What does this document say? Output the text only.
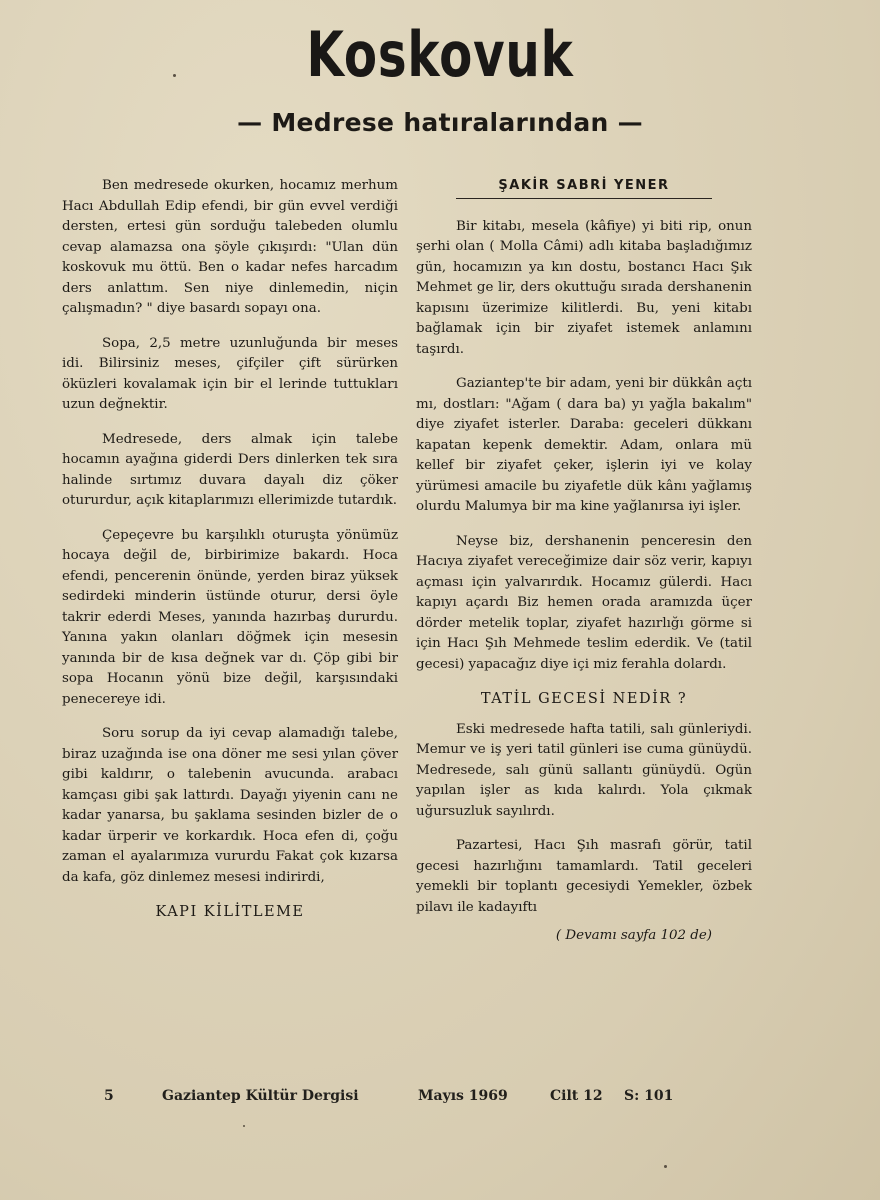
Koskovuk
— Medrese hatıralarından —

Ben medresede okurken, hocamız merhum Hacı Abdullah Edip efendi, bir gün evvel verdiği dersten, ertesi gün sorduğu talebeden olumlu cevap alamazsa ona şöyle çıkışırdı: "Ulan dün koskovuk mu öttü. Ben o kadar nefes harcadım ders anlattım. Sen niye dinlemedin, niçin çalışmadın? " diye basardı sopayı ona.

Sopa, 2,5 metre uzunluğunda bir meses idi. Bilirsiniz meses, çifçiler çift sürürken öküzleri kovalamak için bir el lerinde tuttukları uzun değnektir.

Medresede, ders almak için talebe hocamın ayağına giderdi Ders dinlerken tek sıra halinde sırtımız duvara dayalı diz çöker otururdur, açık kitaplarımızı ellerimizde tutardık.

Çepeçevre bu karşılıklı oturuşta yönümüz hocaya değil de, birbirimize bakardı. Hoca efendi, pencerenin önünde, yerden biraz yüksek sedirdeki minderin üstünde oturur, dersi öyle takrir ederdi Meses, yanında hazırbaş dururdu. Yanına yakın olanları döğmek için mesesin yanında bir de kısa değnek var dı. Çöp gibi bir sopa Hocanın yönü bize değil, karşısındaki penecereye idi.

Soru sorup da iyi cevap alamadığı talebe, biraz uzağında ise ona döner me sesi yılan çöver gibi kaldırır, o talebenin avucunda. arabacı kamçası gibi şak lattırdı. Dayağı yiyenin canı ne kadar yanarsa, bu şaklama sesinden bizler de o kadar ürperir ve korkardık. Hoca efen di, çoğu zaman el ayalarımıza vururdu Fakat çok kızarsa da kafa, göz dinlemez mesesi indirirdi,

KAPI KİLİTLEME
ŞAKİR SABRİ YENER

Bir kitabı, mesela (kâfiye) yi biti rip, onun şerhi olan ( Molla Câmi) adlı kitaba başladığımız gün, hocamızın ya kın dostu, bostancı Hacı Şık Mehmet ge lir, ders okuttuğu sırada dershanenin kapısını üzerimize kilitlerdi. Bu, yeni kitabı bağlamak için bir ziyafet istemek anlamını taşırdı.

Gaziantep'te bir adam, yeni bir dükkân açtı mı, dostları: "Ağam ( dara ba) yı yağla bakalım" diye ziyafet isterler. Daraba: geceleri dükkanı kapatan kepenk demektir. Adam, onlara mü kellef bir ziyafet çeker, işlerin iyi ve kolay yürümesi amacile bu ziyafetle dük kânı yağlamış olurdu Malumya bir ma kine yağlanırsa iyi işler.

Neyse biz, dershanenin penceresin den Hacıya ziyafet vereceğimize dair söz verir, kapıyı açması için yalvarırdık. Hocamız gülerdi. Hacı kapıyı açardı Biz hemen orada aramızda üçer dörder metelik toplar, ziyafet hazırlığı görme si için Hacı Şıh Mehmede teslim ederdik. Ve (tatil gecesi) yapacağız diye içi miz ferahla dolardı.

TATİL GECESİ NEDİR ?

Eski medresede hafta tatili, salı günleriydi. Memur ve iş yeri tatil günleri ise cuma günüydü. Medresede, salı günü sallantı günüydü. Ogün yapılan işler as kıda kalırdı. Yola çıkmak uğursuzluk sayılırdı.

Pazartesi, Hacı Şıh masrafı görür, tatil gecesi hazırlığını tamamlardı. Tatil geceleri yemekli bir toplantı gecesiydi Yemekler, özbek pilavı ile kadayıftı

( Devamı sayfa 102 de)
5	Gaziantep Kültür Dergisi	Mayıs 1969	Cilt 12 S: 101
